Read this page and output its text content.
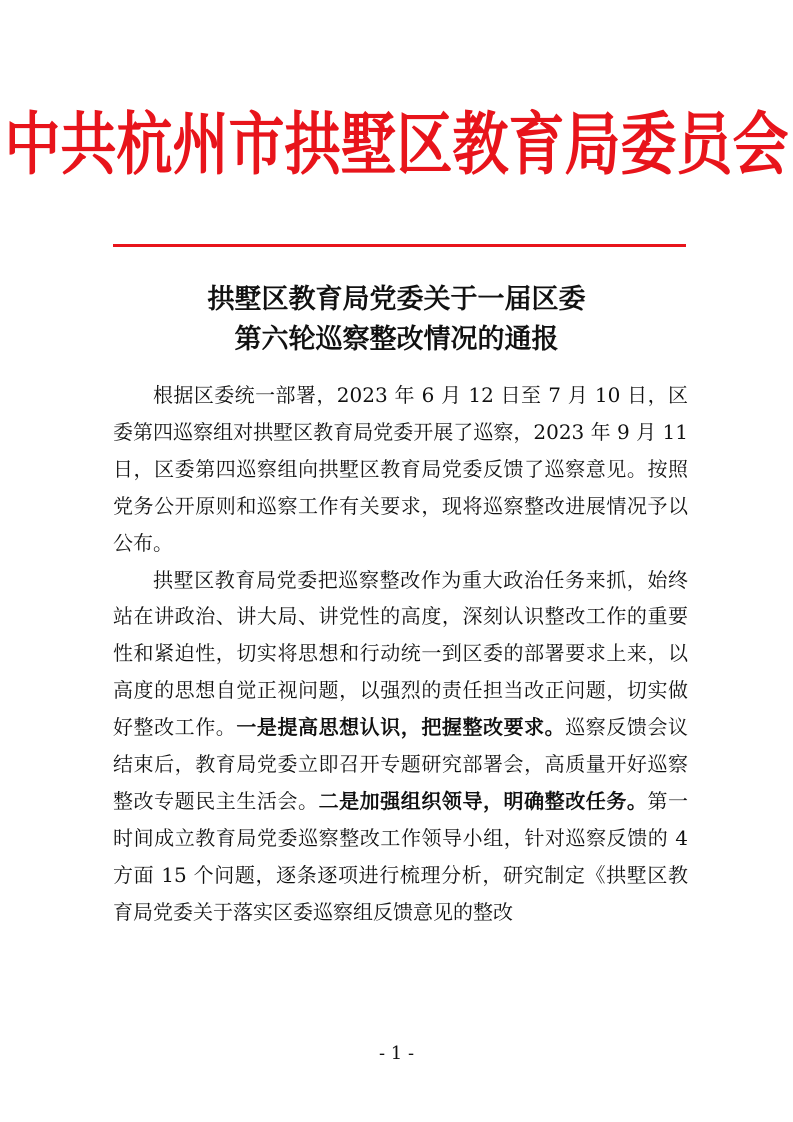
中共杭州市拱墅区教育局委员会
拱墅区教育局党委关于一届区委
第六轮巡察整改情况的通报

根据区委统一部署，2023 年 6 月 12 日至 7 月 10 日，区委第四巡察组对拱墅区教育局党委开展了巡察，2023 年 9 月 11 日，区委第四巡察组向拱墅区教育局党委反馈了巡察意见。按照党务公开原则和巡察工作有关要求，现将巡察整改进展情况予以公布。

拱墅区教育局党委把巡察整改作为重大政治任务来抓，始终站在讲政治、讲大局、讲党性的高度，深刻认识整改工作的重要性和紧迫性，切实将思想和行动统一到区委的部署要求上来，以高度的思想自觉正视问题，以强烈的责任担当改正问题，切实做好整改工作。一是提高思想认识，把握整改要求。巡察反馈会议结束后，教育局党委立即召开专题研究部署会，高质量开好巡察整改专题民主生活会。二是加强组织领导，明确整改任务。第一时间成立教育局党委巡察整改工作领导小组，针对巡察反馈的 4 方面 15 个问题，逐条逐项进行梳理分析，研究制定《拱墅区教育局党委关于落实区委巡察组反馈意见的整改

- 1 -
